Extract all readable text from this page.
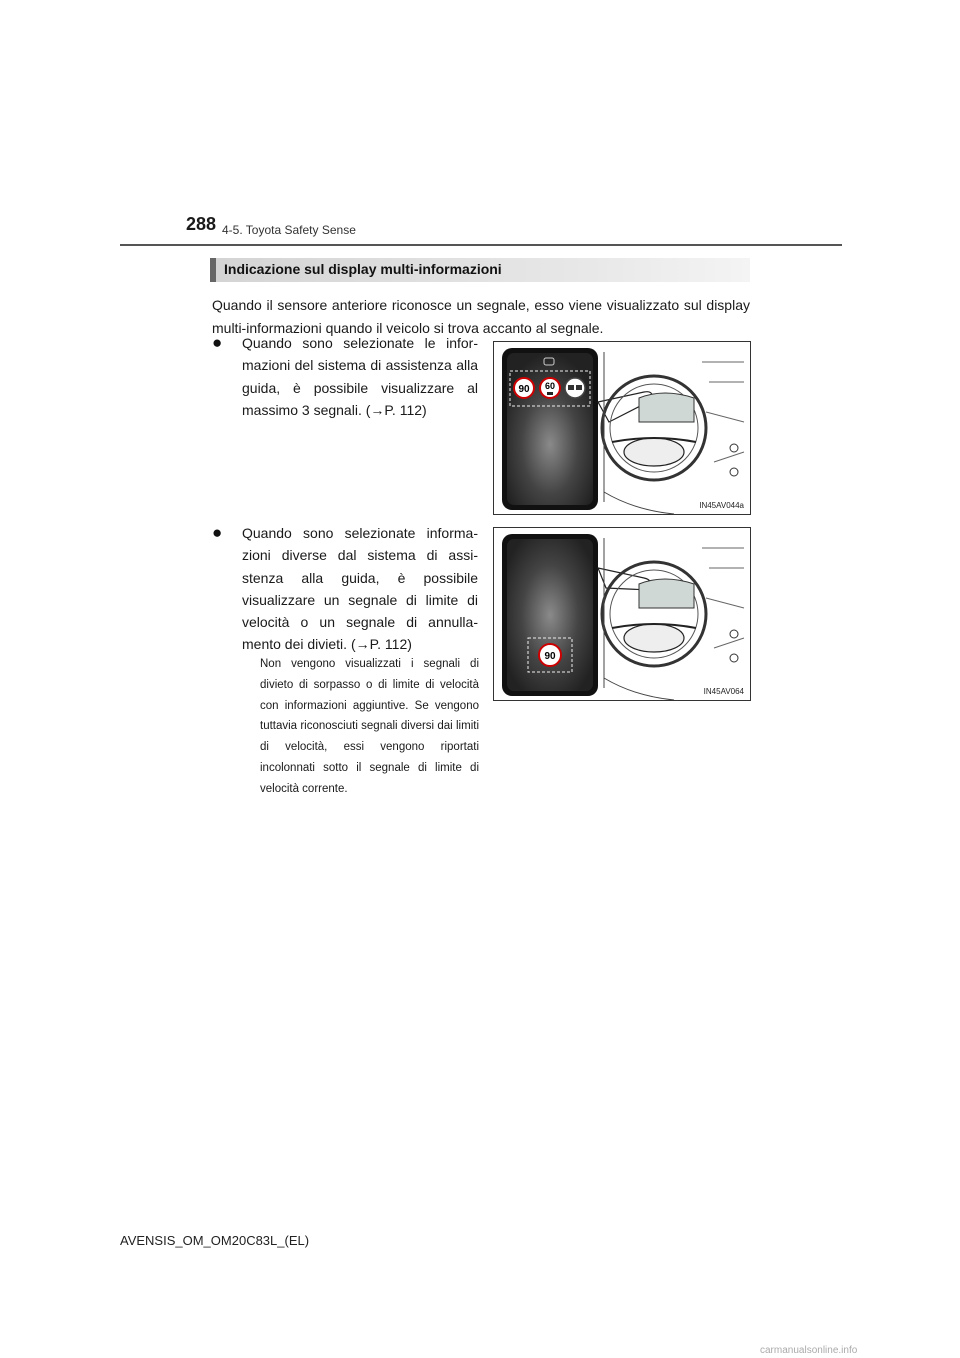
288 4-5. Toyota Safety Sense
Indicazione sul display multi-informazioni
Quando il sensore anteriore riconosce un segnale, esso viene visualizzato sul display multi-informazioni quando il veicolo si trova accanto al segnale.
● Quando sono selezionate le infor-mazioni del sistema di assistenza alla guida, è possibile visualizzare al massimo 3 segnali. (→P. 112)
● Quando sono selezionate informa-zioni diverse dal sistema di assi-stenza alla guida, è possibile visualizzare un segnale di limite di velocità o un segnale di annulla-mento dei divieti. (→P. 112)
Non vengono visualizzati i segnali di divieto di sorpasso o di limite di velocità con informazioni aggiuntive. Se vengono tuttavia riconosciuti segnali diversi dai limiti di velocità, essi vengono riportati incolonnati sotto il segnale di limite di velocità corrente.
90 60
IN45AV044a
90
IN45AV064
AVENSIS_OM_OM20C83L_(EL)
carmanualsonline.info
